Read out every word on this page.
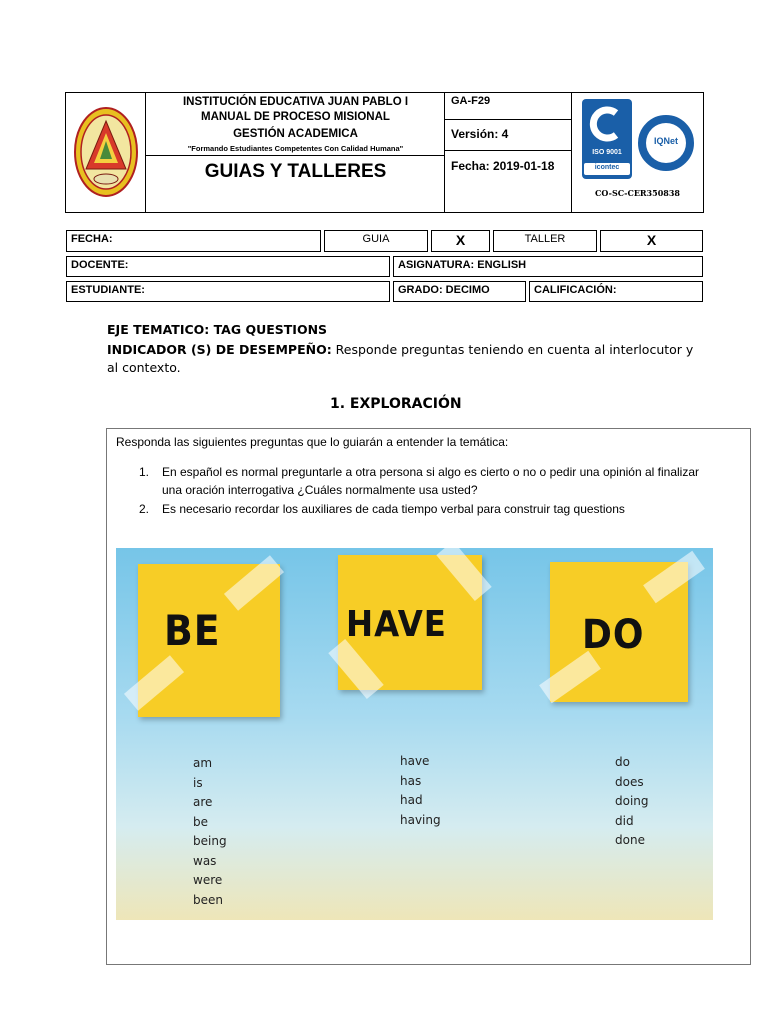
INSTITUCIÓN EDUCATIVA JUAN PABLO I
MANUAL DE PROCESO MISIONAL
GESTIÓN ACADEMICA
"Formando Estudiantes Competentes Con Calidad Humana"
GUIAS Y TALLERES
GA-F29
Versión: 4
Fecha: 2019-01-18
ISO 9001
icontec
IQNet
CO-SC-CER350838
FECHA:	GUIA	X	TALLER	X
DOCENTE:	ASIGNATURA: ENGLISH
ESTUDIANTE:	GRADO: DECIMO	CALIFICACIÓN:
EJE TEMATICO: TAG QUESTIONS
INDICADOR (S) DE DESEMPEÑO: Responde preguntas teniendo en cuenta al interlocutor y
al contexto.
1. EXPLORACIÓN
Responda las siguientes preguntas que lo guiarán a entender la temática:
1. En español es normal preguntarle a otra persona si algo es cierto o no o pedir una opinión al finalizar
una oración interrogativa ¿Cuáles normalmente usa usted?
2. Es necesario recordar los auxiliares de cada tiempo verbal para construir tag questions
BE	HAVE	DO
am
is
are
be
being
was
were
been
have
has
had
having
do
does
doing
did
done
